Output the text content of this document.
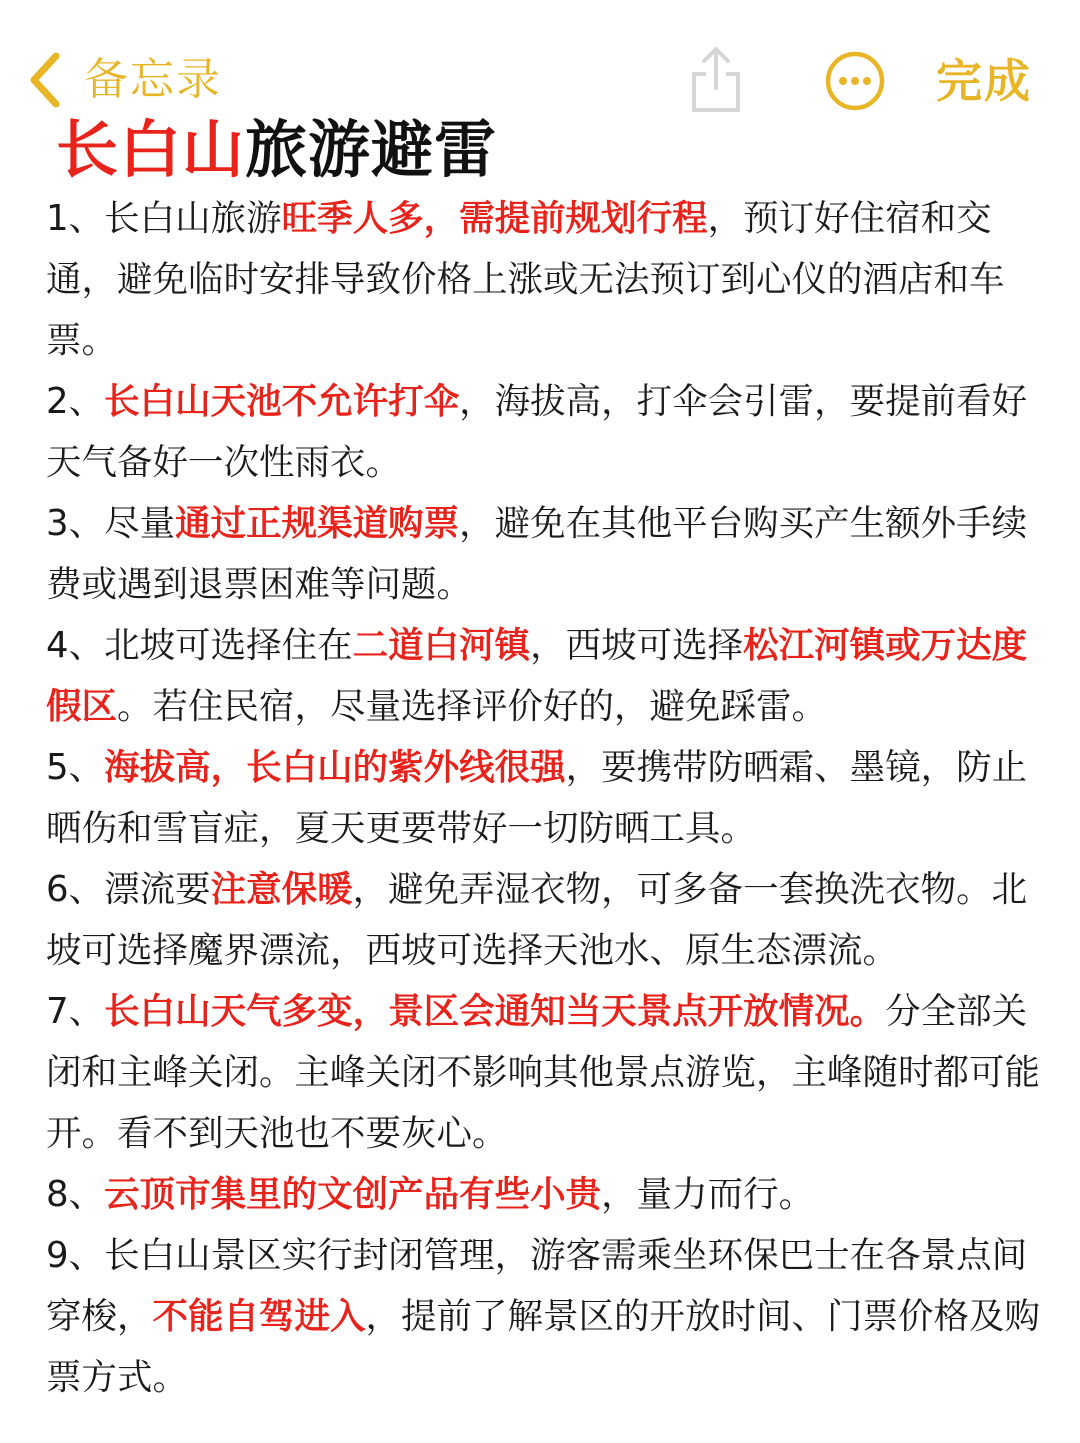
备忘录	完成
长白山旅游避雷

1、长白山旅游旺季人多，需提前规划行程，预订好住宿和交通，避免临时安排导致价格上涨或无法预订到心仪的酒店和车票。

2、长白山天池不允许打伞，海拔高，打伞会引雷，要提前看好天气备好一次性雨衣。

3、尽量通过正规渠道购票，避免在其他平台购买产生额外手续费或遇到退票困难等问题。

4、北坡可选择住在二道白河镇，西坡可选择松江河镇或万达度假区。若住民宿，尽量选择评价好的，避免踩雷。

5、海拔高，长白山的紫外线很强，要携带防晒霜、墨镜，防止晒伤和雪盲症，夏天更要带好一切防晒工具。

6、漂流要注意保暖，避免弄湿衣物，可多备一套换洗衣物。北坡可选择魔界漂流，西坡可选择天池水、原生态漂流。

7、长白山天气多变，景区会通知当天景点开放情况。分全部关闭和主峰关闭。主峰关闭不影响其他景点游览，主峰随时都可能开。看不到天池也不要灰心。

8、云顶市集里的文创产品有些小贵，量力而行。

9、长白山景区实行封闭管理，游客需乘坐环保巴士在各景点间穿梭，不能自驾进入，提前了解景区的开放时间、门票价格及购票方式。
